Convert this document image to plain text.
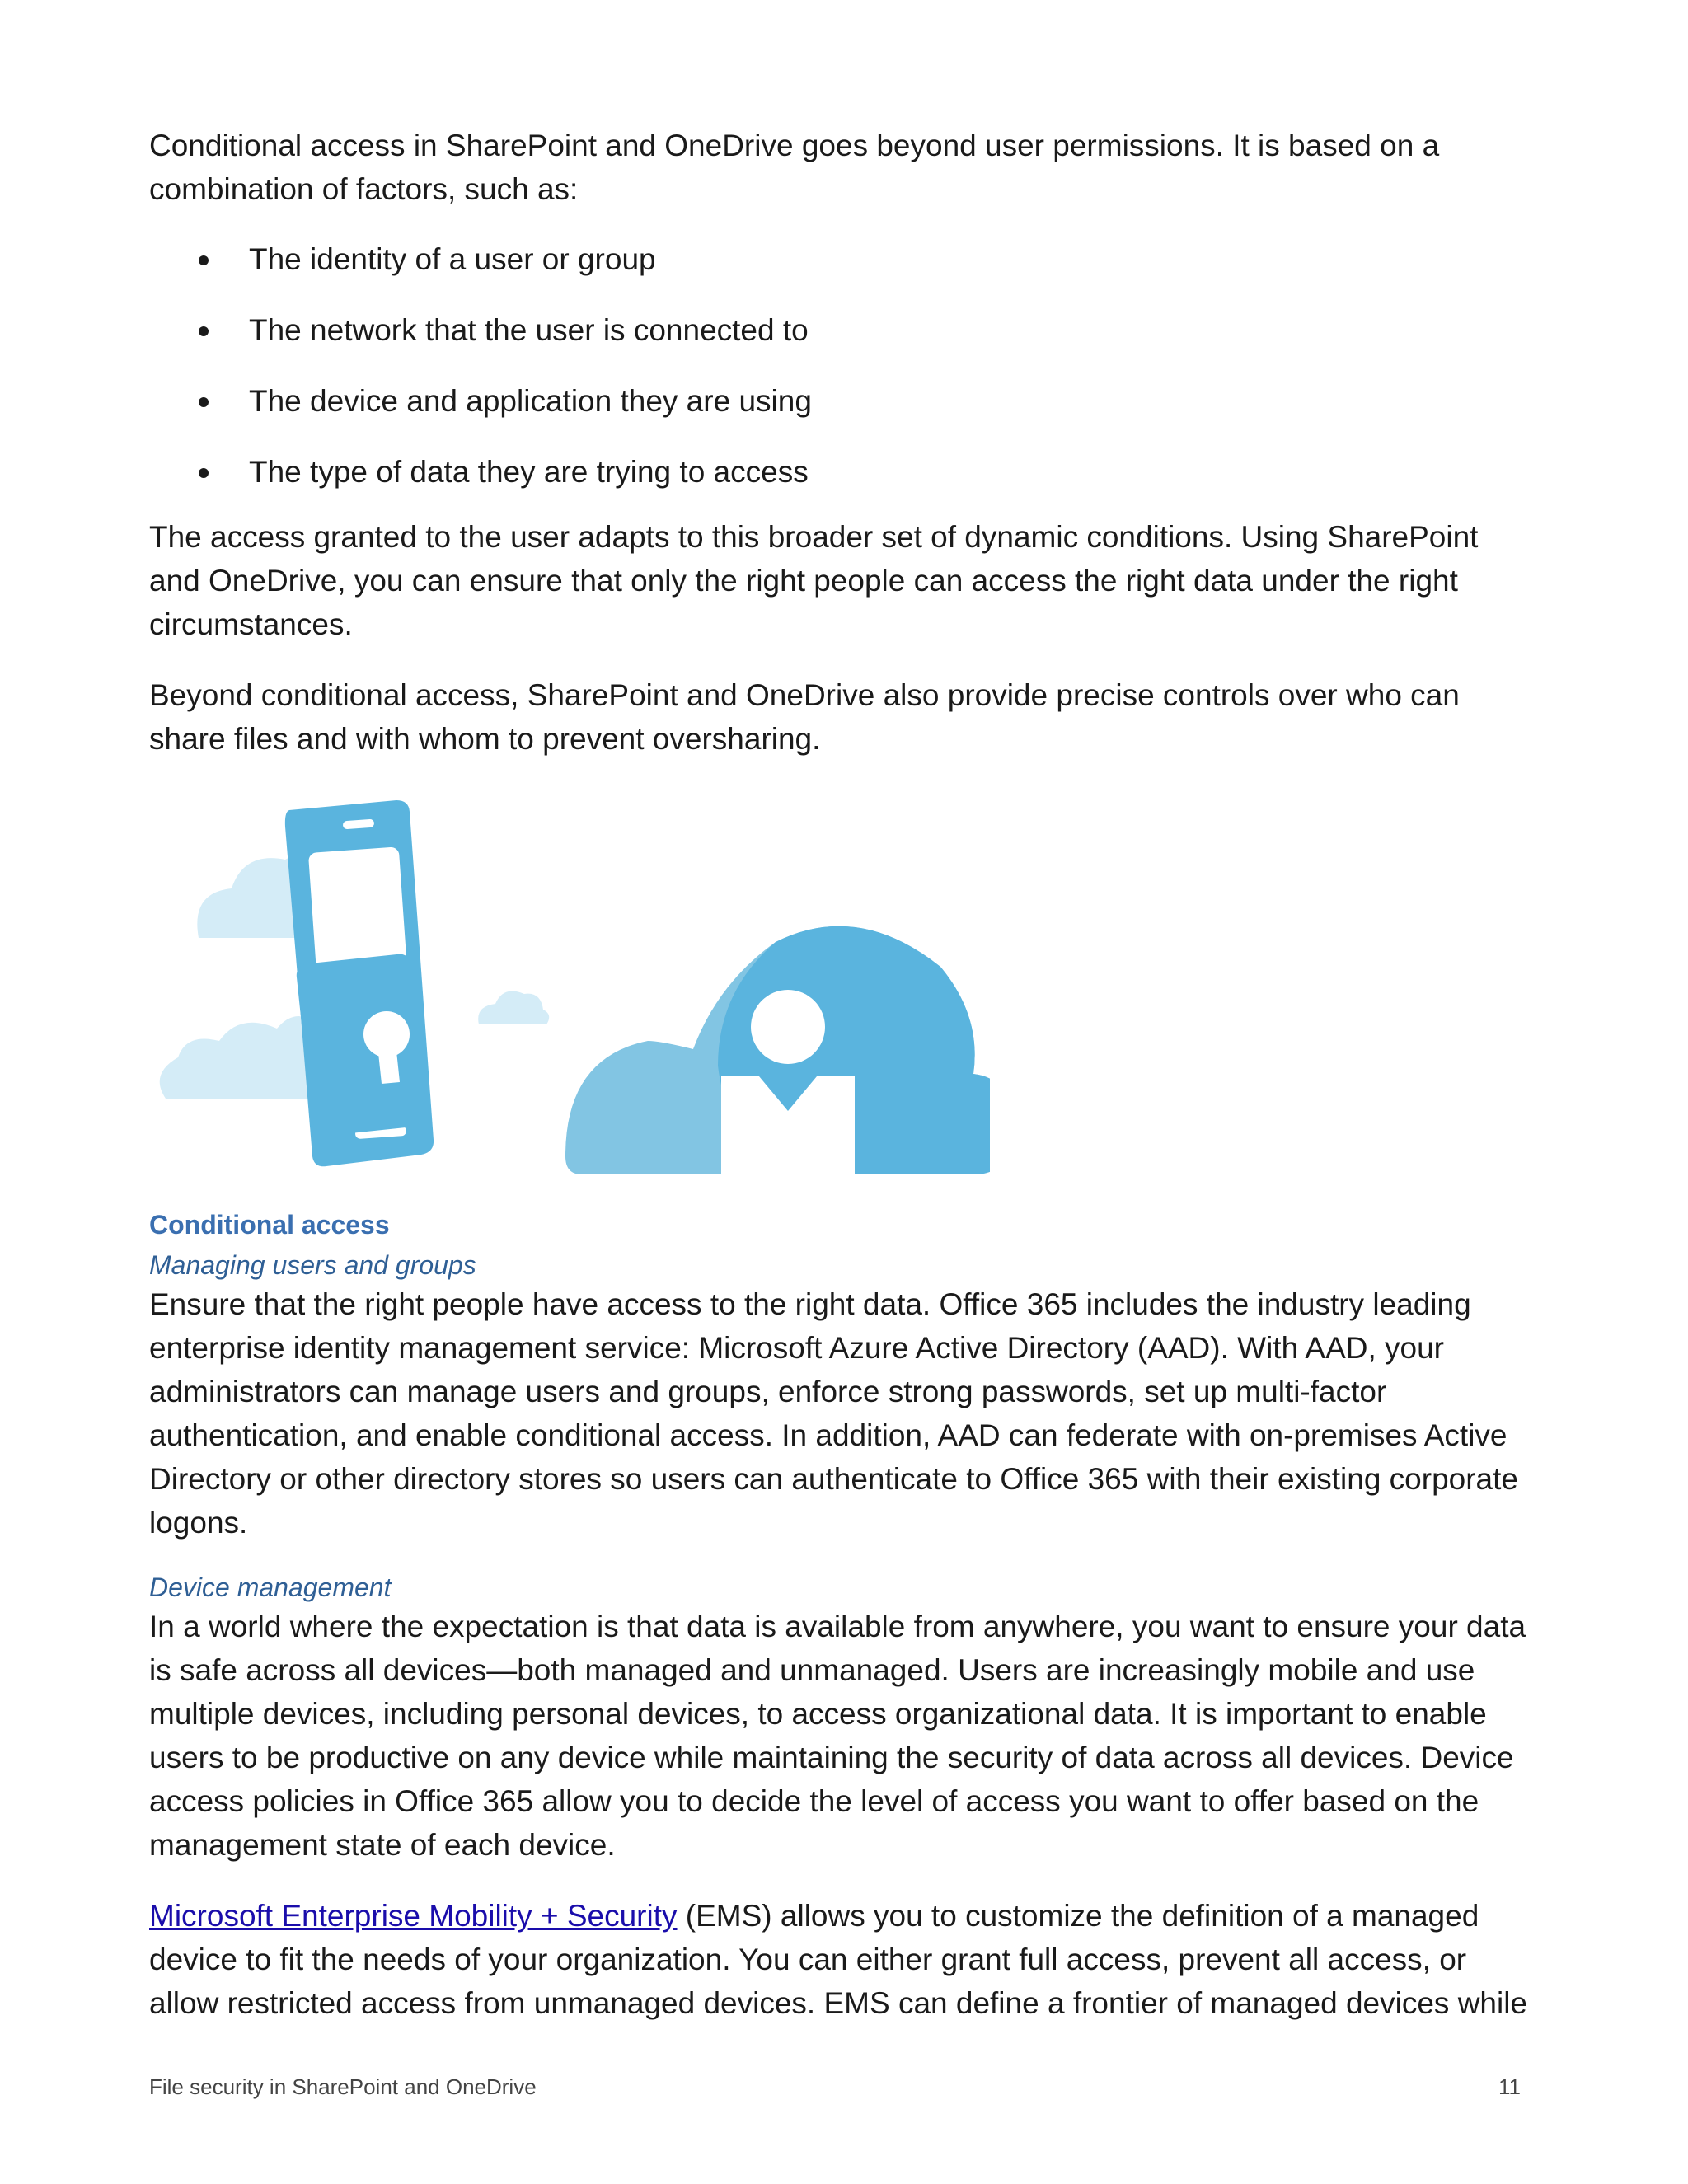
Conditional access in SharePoint and OneDrive goes beyond user permissions. It is based on a combination of factors, such as:

The identity of a user or group
The network that the user is connected to
The device and application they are using
The type of data they are trying to access

The access granted to the user adapts to this broader set of dynamic conditions. Using SharePoint and OneDrive, you can ensure that only the right people can access the right data under the right circumstances.

Beyond conditional access, SharePoint and OneDrive also provide precise controls over who can share files and with whom to prevent oversharing.

Conditional access
Managing users and groups

Ensure that the right people have access to the right data. Office 365 includes the industry leading enterprise identity management service: Microsoft Azure Active Directory (AAD). With AAD, your administrators can manage users and groups, enforce strong passwords, set up multi-factor authentication, and enable conditional access. In addition, AAD can federate with on-premises Active Directory or other directory stores so users can authenticate to Office 365 with their existing corporate logons.

Device management

In a world where the expectation is that data is available from anywhere, you want to ensure your data is safe across all devices—both managed and unmanaged. Users are increasingly mobile and use multiple devices, including personal devices, to access organizational data. It is important to enable users to be productive on any device while maintaining the security of data across all devices. Device access policies in Office 365 allow you to decide the level of access you want to offer based on the management state of each device.

Microsoft Enterprise Mobility + Security (EMS) allows you to customize the definition of a managed device to fit the needs of your organization. You can either grant full access, prevent all access, or allow restricted access from unmanaged devices. EMS can define a frontier of managed devices while

File security in SharePoint and OneDrive	11
